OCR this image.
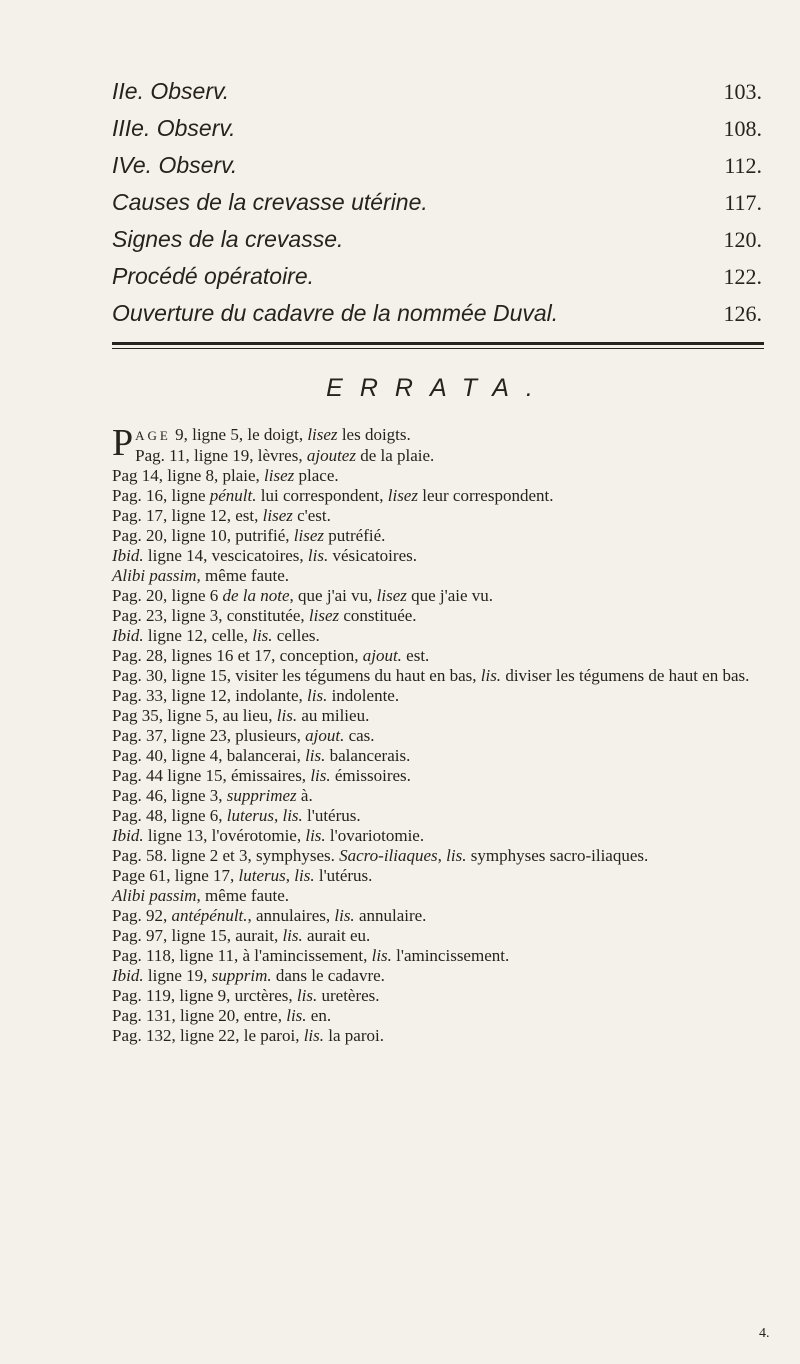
IIe. Observ.	103.
IIIe. Observ.	108.
IVe. Observ.	112.
Causes de la crevasse utérine.	117.
Signes de la crevasse.	120.
Procédé opératoire.	122.
Ouverture du cadavre de la nommée Duval.	126.
ERRATA.
PAGE 9, ligne 5, le doigt, lisez les doigts.
Pag. 11, ligne 19, lèvres, ajoutez de la plaie.
Pag 14, ligne 8, plaie, lisez place.
Pag. 16, ligne pénult. lui correspondent, lisez leur correspondent.
Pag. 17, ligne 12, est, lisez c'est.
Pag. 20, ligne 10, putrifié, lisez putréfié.
Ibid. ligne 14, vescicatoires, lis. vésicatoires.
Alibi passim, même faute.
Pag. 20, ligne 6 de la note, que j'ai vu, lisez que j'aie vu.
Pag. 23, ligne 3, constitutée, lisez constituée.
Ibid. ligne 12, celle, lis. celles.
Pag. 28, lignes 16 et 17, conception, ajout. est.
Pag. 30, ligne 15, visiter les tégumens du haut en bas, lis. diviser les tégumens de haut en bas.
Pag. 33, ligne 12, indolante, lis. indolente.
Pag 35, ligne 5, au lieu, lis. au milieu.
Pag. 37, ligne 23, plusieurs, ajout. cas.
Pag. 40, ligne 4, balancerai, lis. balancerais.
Pag. 44 ligne 15, émissaires, lis. émissoires.
Pag. 46, ligne 3, supprimez à.
Pag. 48, ligne 6, luterus, lis. l'utérus.
Ibid. ligne 13, l'ovérotomie, lis. l'ovariotomie.
Pag. 58. ligne 2 et 3, symphyses. Sacro-iliaques, lis. symphyses sacro-iliaques.
Page 61, ligne 17, luterus, lis. l'utérus.
Alibi passim, même faute.
Pag. 92, antépénult., annulaires, lis. annulaire.
Pag. 97, ligne 15, aurait, lis. aurait eu.
Pag. 118, ligne 11, à l'amincissement, lis. l'amincissement.
Ibid. ligne 19, supprim. dans le cadavre.
Pag. 119, ligne 9, urctères, lis. uretères.
Pag. 131, ligne 20, entre, lis. en.
Pag. 132, ligne 22, le paroi, lis. la paroi.
4.
